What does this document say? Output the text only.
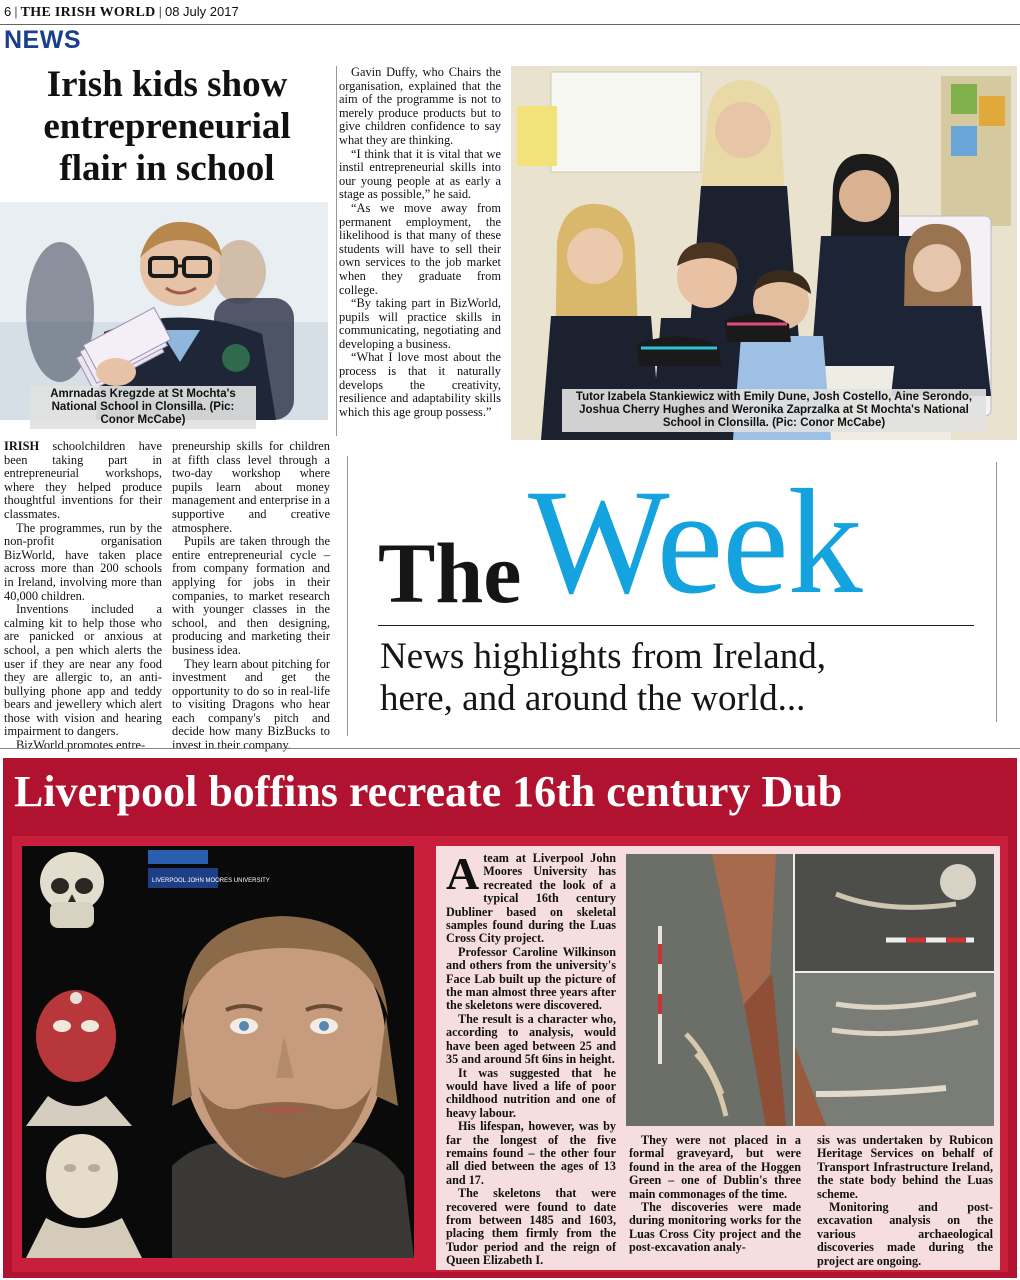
6 | THE IRISH WORLD | 08 July 2017
NEWS
Irish kids show
entrepreneurial
flair in school
Amrnadas Kregzde at St Mochta's National School in Clonsilla. (Pic: Conor McCabe)

IRISH schoolchildren have been taking part in entrepreneurial workshops, where they helped produce thoughtful inventions for their classmates.

The programmes, run by the non-profit organisation BizWorld, have taken place across more than 200 schools in Ireland, involving more than 40,000 children.

Inventions included a calming kit to help those who are panicked or anxious at school, a pen which alerts the user if they are near any food they are allergic to, an anti-bullying phone app and teddy bears and jewellery which alert those with vision and hearing impairment to dangers.

BizWorld promotes entre-

preneurship skills for children at fifth class level through a two-day workshop where pupils learn about money management and enterprise in a supportive and creative atmosphere.

Pupils are taken through the entire entrepreneurial cycle – from company formation and applying for jobs in their companies, to market research with younger classes in the school, and then designing, producing and marketing their business idea.

They learn about pitching for investment and get the opportunity to do so in real-life to visiting Dragons who hear each company's pitch and decide how many BizBucks to invest in their company.

Gavin Duffy, who Chairs the organisation, explained that the aim of the programme is not to merely produce products but to give children confidence to say what they are thinking.

“I think that it is vital that we instil entrepreneurial skills into our young people at as early a stage as possible,” he said.

“As we move away from permanent employment, the likelihood is that many of these students will have to sell their own services to the job market when they graduate from college.

“By taking part in BizWorld, pupils will practice skills in communicating, negotiating and developing a business.

“What I love most about the process is that it naturally develops the creativity, resilience and adaptability skills which this age group possess.”

Tutor Izabela Stankiewicz with Emily Dune, Josh Costello, Aine Serondo, Joshua Cherry Hughes and Weronika Zaprzalka at St Mochta's National School in Clonsilla. (Pic: Conor McCabe)
The Week
News highlights from Ireland,
here, and around the world...
Liverpool boffins recreate 16th century Dub
LIVERPOOL JOHN MOORES UNIVERSITY	Ateam at Liverpool John Moores University has recreated the look of a typical 16th century Dubliner based on skeletal samples found during the Luas Cross City project.

Professor Caroline Wilkinson and others from the university's Face Lab built up the picture of the man almost three years after the skeletons were discovered.

The result is a character who, according to analysis, would have been aged between 25 and 35 and around 5ft 6ins in height.

It was suggested that he would have lived a life of poor childhood nutrition and one of heavy labour.

His lifespan, however, was by far the longest of the five remains found – the other four all died between the ages of 13 and 17.

The skeletons that were recovered were found to date from between 1485 and 1603, placing them firmly from the Tudor period and the reign of Queen Elizabeth I.

They were not placed in a formal graveyard, but were found in the area of the Hoggen Green – one of Dublin's three main commonages of the time.

The discoveries were made during monitoring works for the Luas Cross City project and the post-excavation analy-

sis was undertaken by Rubicon Heritage Services on behalf of Transport Infrastructure Ireland, the state body behind the Luas scheme.

Monitoring and post-excavation analysis on the various archaeological discoveries made during the project are ongoing.
